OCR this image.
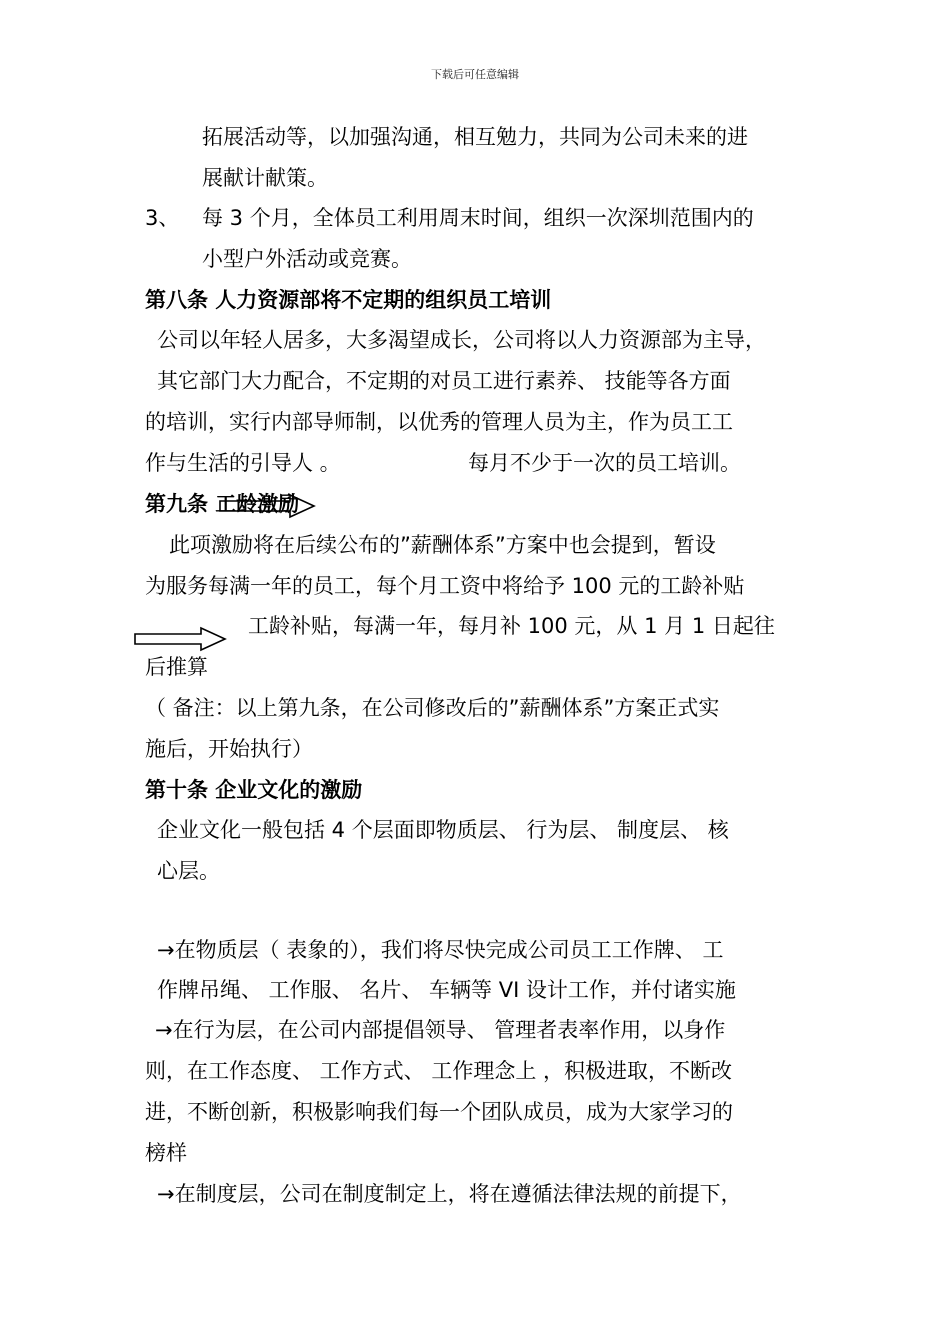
下载后可任意编辑
拓展活动等，以加强沟通，相互勉力，共同为公司未来的进
展献计献策。
3、 每 3 个月，全体员工利用周末时间，组织一次深圳范围内的
小型户外活动或竞赛。
第八条 人力资源部将不定期的组织员工培训
公司以年轻人居多，大多渴望成长，公司将以人力资源部为主导，
其它部门大力配合，不定期的对员工进行素养、 技能等各方面
的培训，实行内部导师制，以优秀的管理人员为主，作为员工工
作与生活的引导人 。	每月不少于一次的员工培训。
第九条 工龄激励
此项激励将在后续公布的”薪酬体系”方案中也会提到，暂设
为服务每满一年的员工，每个月工资中将给予 100 元的工龄补贴
工龄补贴，每满一年，每月补 100 元，从 1 月 1 日起往
后推算
（ 备注：以上第九条，在公司修改后的”薪酬体系”方案正式实
施后，开始执行）
第十条 企业文化的激励
企业文化一般包括 4 个层面即物质层、 行为层、 制度层、 核
心层。
→在物质层（ 表象的），我们将尽快完成公司员工工作牌、 工
作牌吊绳、 工作服、 名片、 车辆等 VI 设计工作，并付诸实施
→在行为层，在公司内部提倡领导、 管理者表率作用，以身作
则，在工作态度、 工作方式、 工作理念上 ，积极进取，不断改
进，不断创新，积极影响我们每一个团队成员，成为大家学习的
榜样
→在制度层，公司在制度制定上，将在遵循法律法规的前提下，
